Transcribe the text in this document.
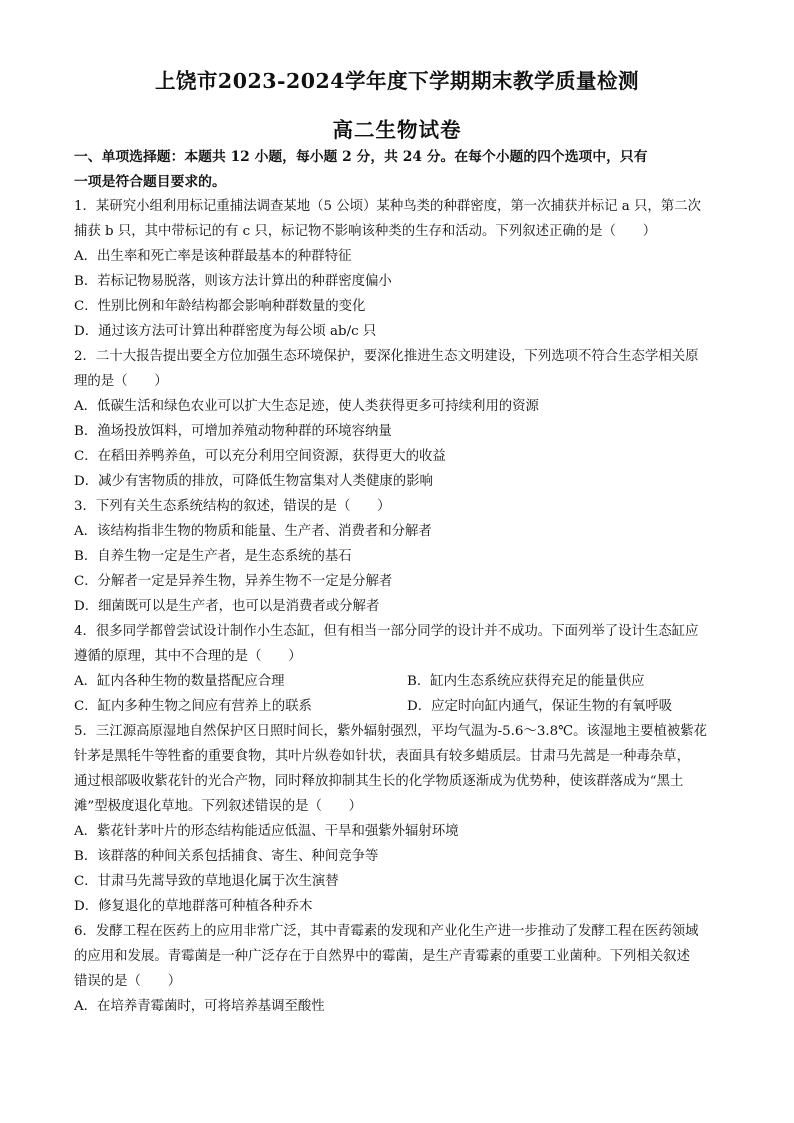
上饶市2023-2024学年度下学期期末教学质量检测
高二生物试卷
一、单项选择题：本题共 12 小题，每小题 2 分，共 24 分。在每个小题的四个选项中，只有
一项是符合题目要求的。
1．某研究小组利用标记重捕法调查某地（5 公顷）某种鸟类的种群密度，第一次捕获并标记 a 只，第二次
捕获 b 只，其中带标记的有 c 只，标记物不影响该种类的生存和活动。下列叙述正确的是（　　）
A．出生率和死亡率是该种群最基本的种群特征
B．若标记物易脱落，则该方法计算出的种群密度偏小
C．性别比例和年龄结构都会影响种群数量的变化
D．通过该方法可计算出种群密度为每公顷 ab/c 只
2．二十大报告提出要全方位加强生态环境保护，要深化推进生态文明建设，下列选项不符合生态学相关原
理的是（　　）
A．低碳生活和绿色农业可以扩大生态足迹，使人类获得更多可持续利用的资源
B．渔场投放饵料，可增加养殖动物种群的环境容纳量
C．在稻田养鸭养鱼，可以充分利用空间资源，获得更大的收益
D．减少有害物质的排放，可降低生物富集对人类健康的影响
3．下列有关生态系统结构的叙述，错误的是（　　）
A．该结构指非生物的物质和能量、生产者、消费者和分解者
B．自养生物一定是生产者，是生态系统的基石
C．分解者一定是异养生物，异养生物不一定是分解者
D．细菌既可以是生产者，也可以是消费者或分解者
4．很多同学都曾尝试设计制作小生态缸，但有相当一部分同学的设计并不成功。下面列举了设计生态缸应
遵循的原理，其中不合理的是（　　）
A．缸内各种生物的数量搭配应合理	B．缸内生态系统应获得充足的能量供应
C．缸内多种生物之间应有营养上的联系	D．应定时向缸内通气，保证生物的有氧呼吸
5．三江源高原湿地自然保护区日照时间长，紫外辐射强烈，平均气温为-5.6～3.8℃。该湿地主要植被紫花
针茅是黑牦牛等牲畜的重要食物，其叶片纵卷如针状，表面具有较多蜡质层。甘肃马先蒿是一种毒杂草，
通过根部吸收紫花针的光合产物，同时释放抑制其生长的化学物质逐渐成为优势种，使该群落成为“黑土
滩”型极度退化草地。下列叙述错误的是（　　）
A．紫花针茅叶片的形态结构能适应低温、干旱和强紫外辐射环境
B．该群落的种间关系包括捕食、寄生、种间竞争等
C．甘肃马先蒿导致的草地退化属于次生演替
D．修复退化的草地群落可种植各种乔木
6．发酵工程在医药上的应用非常广泛，其中青霉素的发现和产业化生产进一步推动了发酵工程在医药领域
的应用和发展。青霉菌是一种广泛存在于自然界中的霉菌，是生产青霉素的重要工业菌种。下列相关叙述
错误的是（　　）
A．在培养青霉菌时，可将培养基调至酸性
